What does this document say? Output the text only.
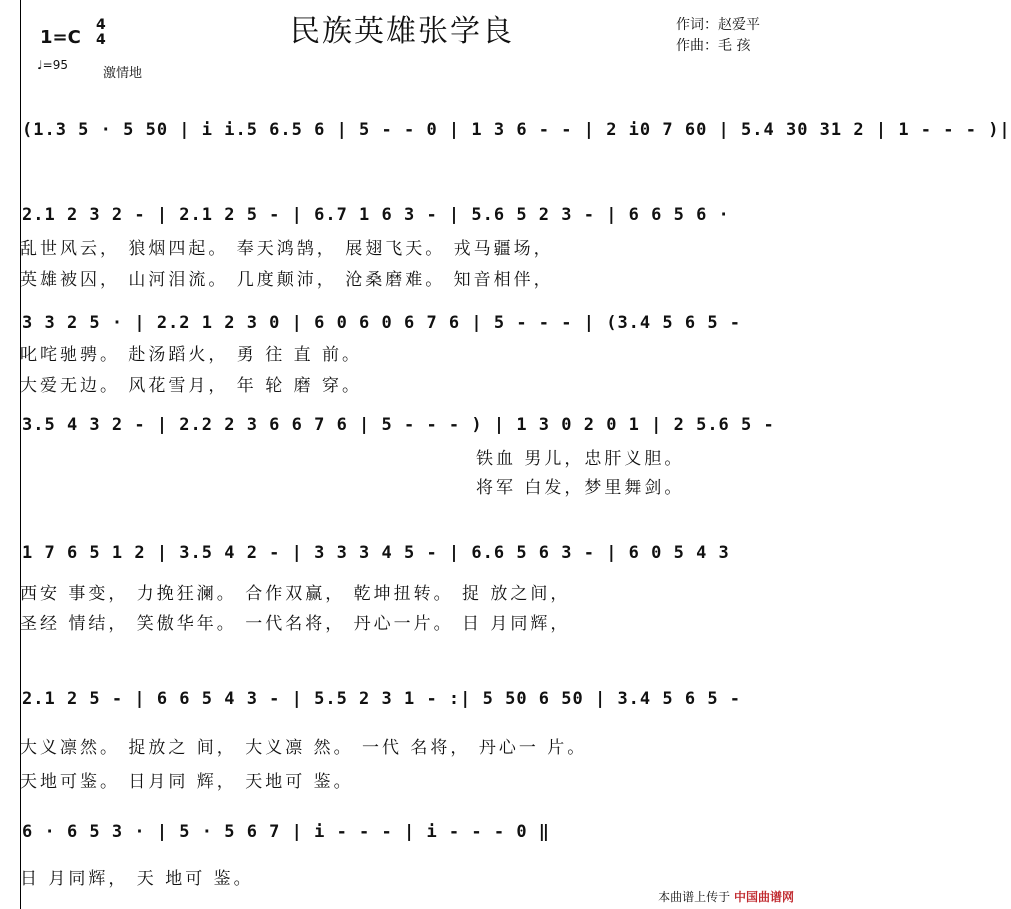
民族英雄张学良
1=C
4
4
♩=95
激情地
作词：赵爱平
作曲：毛 孩
(1.3 5 · 5 50 | i i.5 6.5 6 | 5 - - 0 | 1 3 6 - - | 2 i0 7 60 | 5.4 30 31 2 | 1 - - - )|
2.1 2 3 2 - | 2.1 2 5 - | 6.7 1 6 3 - | 5.6 5 2 3 - | 6 6 5 6 ·
乱世风云， 狼烟四起。 奉天鸿鹄， 展翅飞天。 戎马疆场，
英雄被囚， 山河泪流。 几度颠沛， 沧桑磨难。 知音相伴，
3 3 2 5 · | 2.2 1 2 3 0 | 6 0 6 0 6 7 6 | 5 - - - | (3.4 5 6 5 -
叱咤驰骋。 赴汤蹈火， 勇 往 直 前。
大爱无边。 风花雪月， 年 轮 磨 穿。
3.5 4 3 2 - | 2.2 2 3 6 6 7 6 | 5 - - - ) | 1 3 0 2 0 1 | 2 5.6 5 -
铁血 男儿，忠肝义胆。
将军 白发，梦里舞剑。
1 7 6 5 1 2 | 3.5 4 2 - | 3 3 3 4 5 - | 6.6 5 6 3 - | 6 0 5 4 3
西安 事变， 力挽狂澜。 合作双赢， 乾坤扭转。 捉 放之间，
圣经 情结， 笑傲华年。 一代名将， 丹心一片。 日 月同辉，
2.1 2 5 - | 6 6 5 4 3 - | 5.5 2 3 1 - :| 5 50 6 50 | 3.4 5 6 5 -
大义凛然。 捉放之 间， 大义凛 然。 一代 名将， 丹心一 片。
天地可鉴。 日月同 辉， 天地可 鉴。
6 · 6 5 3 · | 5 · 5 6 7 | i - - - | i - - - 0 ‖
日 月同辉， 天 地可 鉴。
本曲谱上传于 中国曲谱网
